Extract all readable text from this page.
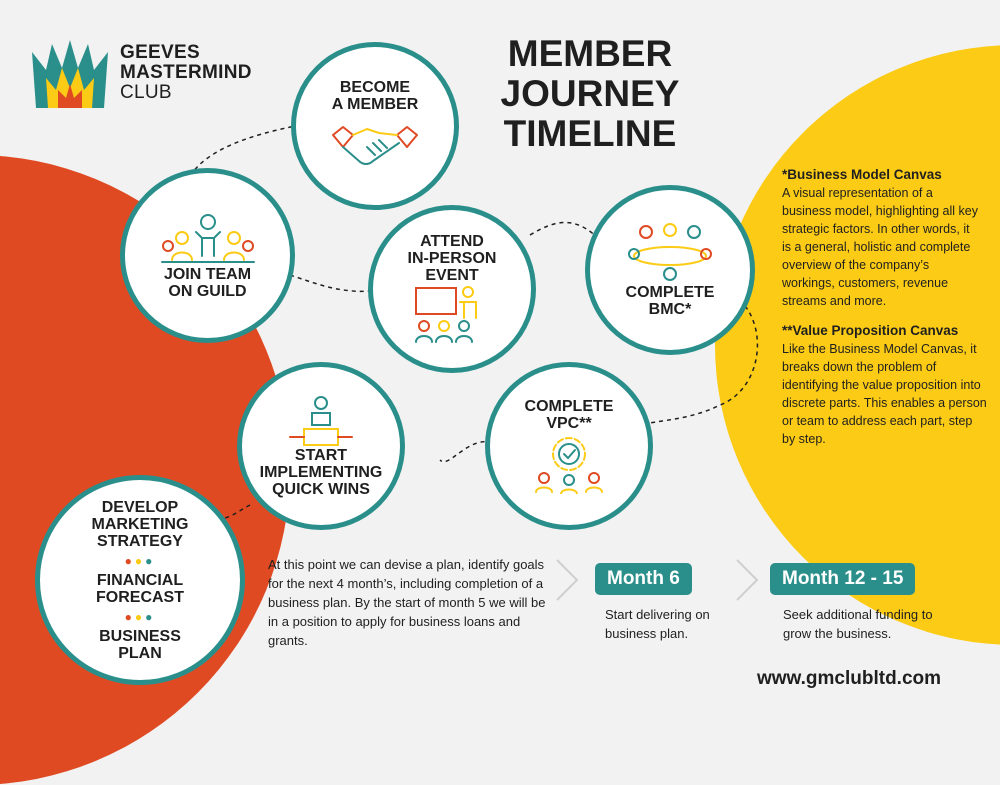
GEEVES
MASTERMIND
CLUB
MEMBER
JOURNEY
TIMELINE
BECOME
A MEMBER
JOIN TEAM
ON GUILD
ATTEND
IN-PERSON
EVENT
COMPLETE
BMC*
START
IMPLEMENTING
QUICK WINS
COMPLETE
VPC**
DEVELOP
MARKETING
STRATEGY
●●●
FINANCIAL
FORECAST
●●●
BUSINESS
PLAN
*Business Model Canvas

A visual representation of a business model, highlighting all key strategic factors. In other words, it is a general, holistic and complete overview of the company’s workings, customers, revenue streams and more.

**Value Proposition Canvas

Like the Business Model Canvas, it breaks down the problem of identifying the value proposition into discrete parts. This enables a person or team to address each part, step by step.

At this point we can devise a plan, identify goals for the next 4 month’s, including completion of a business plan. By the start of month 5 we will be in a position to apply for business loans and grants.
Month 6
Start delivering on business plan.
Month 12 - 15
Seek additional funding to grow the business.
www.gmclubltd.com
